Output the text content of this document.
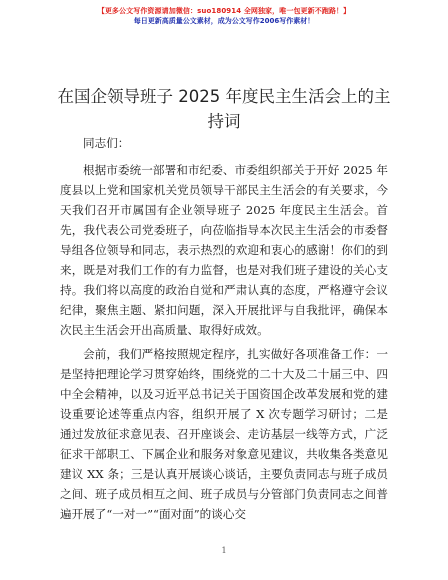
【更多公文写作资源请加微信：suo180914 全网独家，唯一包更新不跑路！】
每日更新高质量公文素材，成为公文写作2006写作素材！
在国企领导班子 2025 年度民主生活会上的主持词

同志们：

根据市委统一部署和市纪委、市委组织部关于开好 2025 年度县以上党和国家机关党员领导干部民主生活会的有关要求，今天我们召开市属国有企业领导班子 2025 年度民主生活会。首先，我代表公司党委班子，向莅临指导本次民主生活会的市委督导组各位领导和同志，表示热烈的欢迎和衷心的感谢！你们的到来，既是对我们工作的有力监督，也是对我们班子建设的关心支持。我们将以高度的政治自觉和严肃认真的态度，严格遵守会议纪律，聚焦主题、紧扣问题，深入开展批评与自我批评，确保本次民主生活会开出高质量、取得好成效。

会前，我们严格按照规定程序，扎实做好各项准备工作：一是坚持把理论学习贯穿始终，围绕党的二十大及二十届三中、四中全会精神，以及习近平总书记关于国资国企改革发展和党的建设重要论述等重点内容，组织开展了 X 次专题学习研讨；二是通过发放征求意见表、召开座谈会、走访基层一线等方式，广泛征求干部职工、下属企业和服务对象意见建议，共收集各类意见建议 XX 条；三是认真开展谈心谈话，主要负责同志与班子成员之间、班子成员相互之间、班子成员与分管部门负责同志之间普遍开展了“一对一”“面对面”的谈心交

1
